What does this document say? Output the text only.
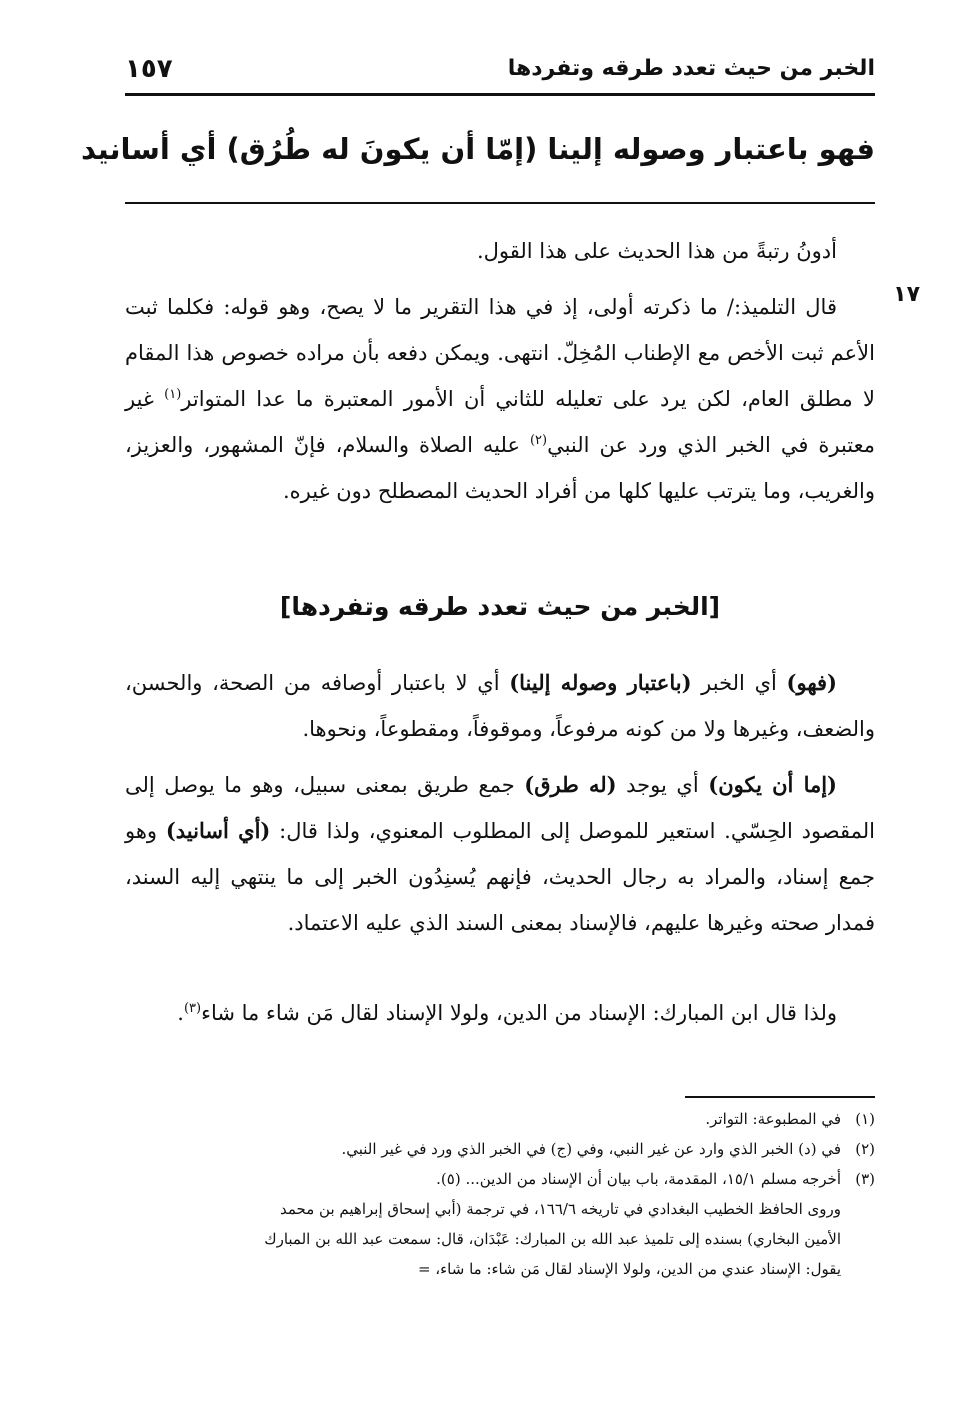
الخبر من حيث تعدد طرقه وتفردها
١٥٧
فهو باعتبار وصوله إلينا (إمّا أن يكونَ له طُرُق) أي أسانيد

أدونُ رتبةً من هذا الحديث على هذا القول.

١٧

قال التلميذ:/ ما ذكرته أولى، إذ في هذا التقرير ما لا يصح، وهو قوله: فكلما ثبت الأعم ثبت الأخص مع الإطناب المُخِلّ. انتهى. ويمكن دفعه بأن مراده خصوص هذا المقام لا مطلق العام، لكن يرد على تعليله للثاني أن الأمور المعتبرة ما عدا المتواتر$^{(١)}$ غير معتبرة في الخبر الذي ورد عن النبي$^{(٢)}$ عليه الصلاة والسلام، فإنّ المشهور، والعزيز، والغريب، وما يترتب عليها كلها من أفراد الحديث المصطلح دون غيره.

[الخبر من حيث تعدد طرقه وتفردها]

(فهو) أي الخبر (باعتبار وصوله إلينا) أي لا باعتبار أوصافه من الصحة، والحسن، والضعف، وغيرها ولا من كونه مرفوعاً، وموقوفاً، ومقطوعاً، ونحوها.

(إما أن يكون) أي يوجد (له طرق) جمع طريق بمعنى سبيل، وهو ما يوصل إلى المقصود الحِسّي. استعير للموصل إلى المطلوب المعنوي، ولذا قال: (أي أسانيد) وهو جمع إسناد، والمراد به رجال الحديث، فإنهم يُسنِدُون الخبر إلى ما ينتهي إليه السند، فمدار صحته وغيرها عليهم، فالإسناد بمعنى السند الذي عليه الاعتماد.

ولذا قال ابن المبارك: الإسناد من الدين، ولولا الإسناد لقال مَن شاء ما شاء$^{(٣)}$.

(١)في المطبوعة: التواتر.

(٢)في (د) الخبر الذي وارد عن غير النبي، وفي (ج) في الخبر الذي ورد في غير النبي.

(٣)أخرجه مسلم ١٥/١، المقدمة، باب بيان أن الإسناد من الدين... (٥).

وروى الحافظ الخطيب البغدادي في تاريخه ١٦٦/٦، في ترجمة (أبي إسحاق إبراهيم بن محمد

الأمين البخاري) بسنده إلى تلميذ عبد الله بن المبارك: عَبْدَان، قال: سمعت عبد الله بن المبارك

يقول: الإسناد عندي من الدين، ولولا الإسناد لقال مَن شاء: ما شاء، =
